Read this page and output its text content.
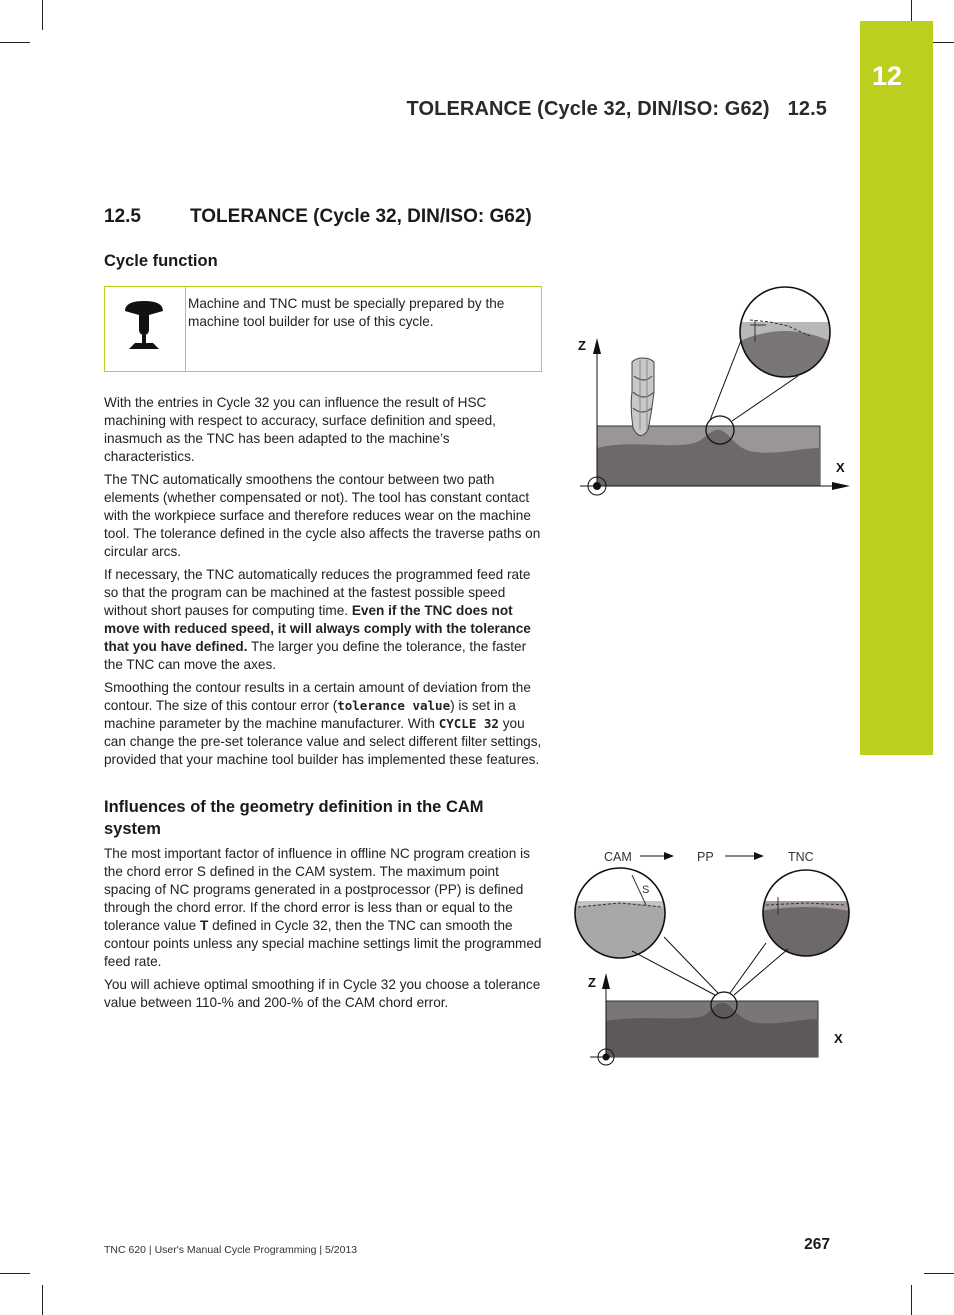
12
TOLERANCE (Cycle 32, DIN/ISO: G62) 12.5
12.5	TOLERANCE (Cycle 32, DIN/ISO: G62)
Cycle function
Machine and TNC must be specially prepared by the machine tool builder for use of this cycle.

With the entries in Cycle 32 you can influence the result of HSC machining with respect to accuracy, surface definition and speed, inasmuch as the TNC has been adapted to the machine’s characteristics.

The TNC automatically smoothens the contour between two path elements (whether compensated or not). The tool has constant contact with the workpiece surface and therefore reduces wear on the machine tool. The tolerance defined in the cycle also affects the traverse paths on circular arcs.

If necessary, the TNC automatically reduces the programmed feed rate so that the program can be machined at the fastest possible speed without short pauses for computing time. Even if the TNC does not move with reduced speed, it will always comply with the tolerance that you have defined. The larger you define the tolerance, the faster the TNC can move the axes.

Smoothing the contour results in a certain amount of deviation from the contour. The size of this contour error (tolerance value) is set in a machine parameter by the machine manufacturer. With CYCLE 32 you can change the pre-set tolerance value and select different filter settings, provided that your machine tool builder has implemented these features.

Influences of the geometry definition in the CAM system

The most important factor of influence in offline NC program creation is the chord error S defined in the CAM system. The maximum point spacing of NC programs generated in a postprocessor (PP) is defined through the chord error. If the chord error is less than or equal to the tolerance value T defined in Cycle 32, then the TNC can smooth the contour points unless any special machine settings limit the programmed feed rate.

You will achieve optimal smoothing if in Cycle 32 you choose a tolerance value between 110-% and 200-% of the CAM chord error.

Z
X
CAM	PP	TNC
S
Z
X
TNC 620 | User's Manual Cycle Programming | 5/2013	267
